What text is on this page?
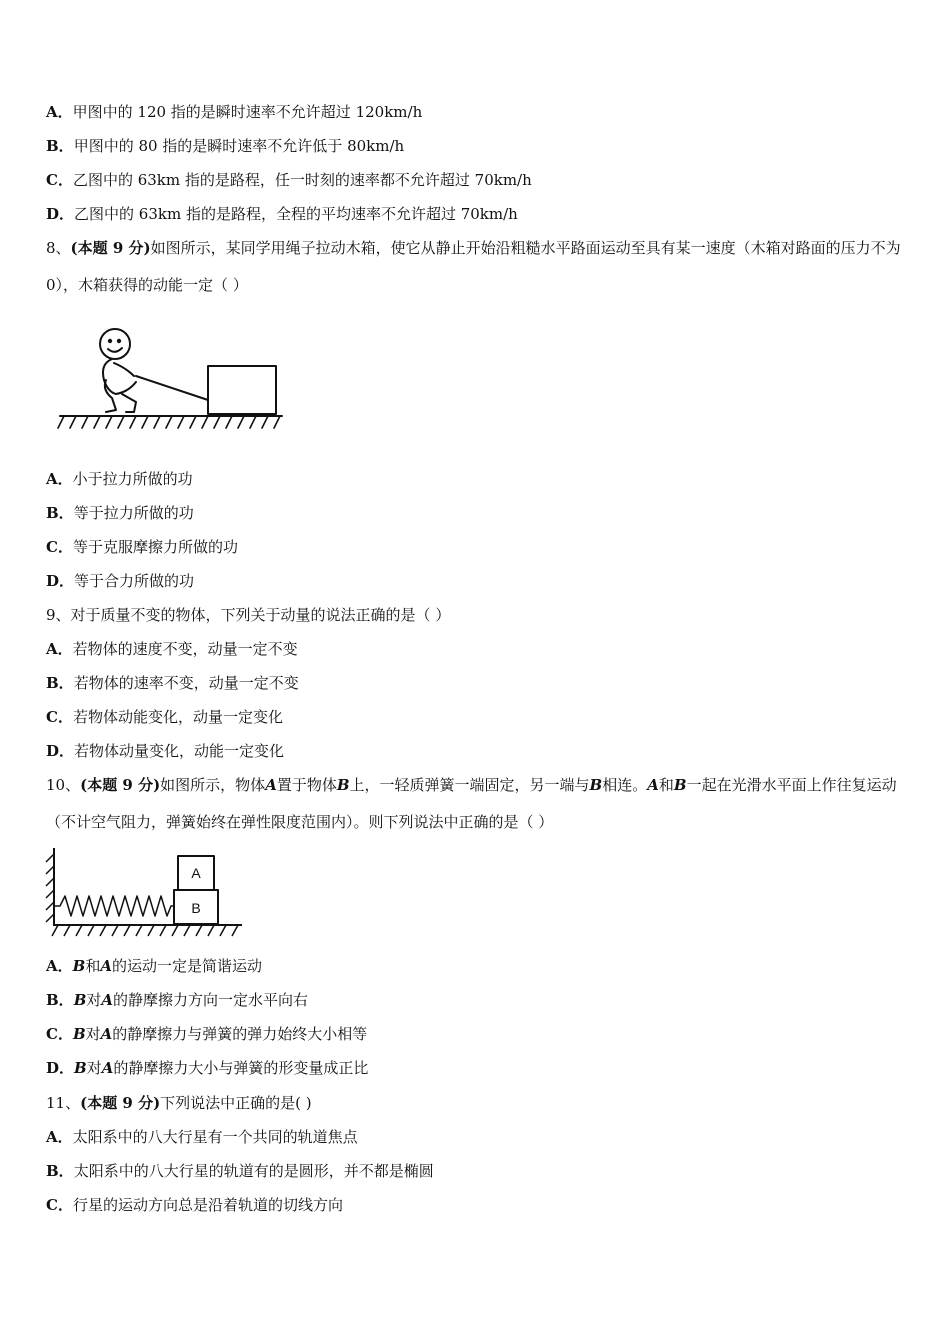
A．甲图中的 120 指的是瞬时速率不允许超过 120km/h
B．甲图中的 80 指的是瞬时速率不允许低于 80km/h
C．乙图中的 63km 指的是路程，任一时刻的速率都不允许超过 70km/h
D．乙图中的 63km 指的是路程，全程的平均速率不允许超过 70km/h
8、(本题 9 分)如图所示，某同学用绳子拉动木箱，使它从静止开始沿粗糙水平路面运动至具有某一速度（木箱对路面的压力不为 0），木箱获得的动能一定（ ）
A．小于拉力所做的功
B．等于拉力所做的功
C．等于克服摩擦力所做的功
D．等于合力所做的功
9、对于质量不变的物体，下列关于动量的说法正确的是（ ）
A．若物体的速度不变，动量一定不变
B．若物体的速率不变，动量一定不变
C．若物体动能变化，动量一定变化
D．若物体动量变化，动能一定变化
10、(本题 9 分)如图所示，物体A置于物体B上，一轻质弹簧一端固定，另一端与B相连。A和B一起在光滑水平面上作往复运动（不计空气阻力，弹簧始终在弹性限度范围内）。则下列说法中正确的是（ ）
A
B
A．B和A的运动一定是简谐运动
B．B对A的静摩擦力方向一定水平向右
C．B对A的静摩擦力与弹簧的弹力始终大小相等
D．B对A的静摩擦力大小与弹簧的形变量成正比
11、(本题 9 分)下列说法中正确的是( )
A．太阳系中的八大行星有一个共同的轨道焦点
B．太阳系中的八大行星的轨道有的是圆形，并不都是椭圆
C．行星的运动方向总是沿着轨道的切线方向
